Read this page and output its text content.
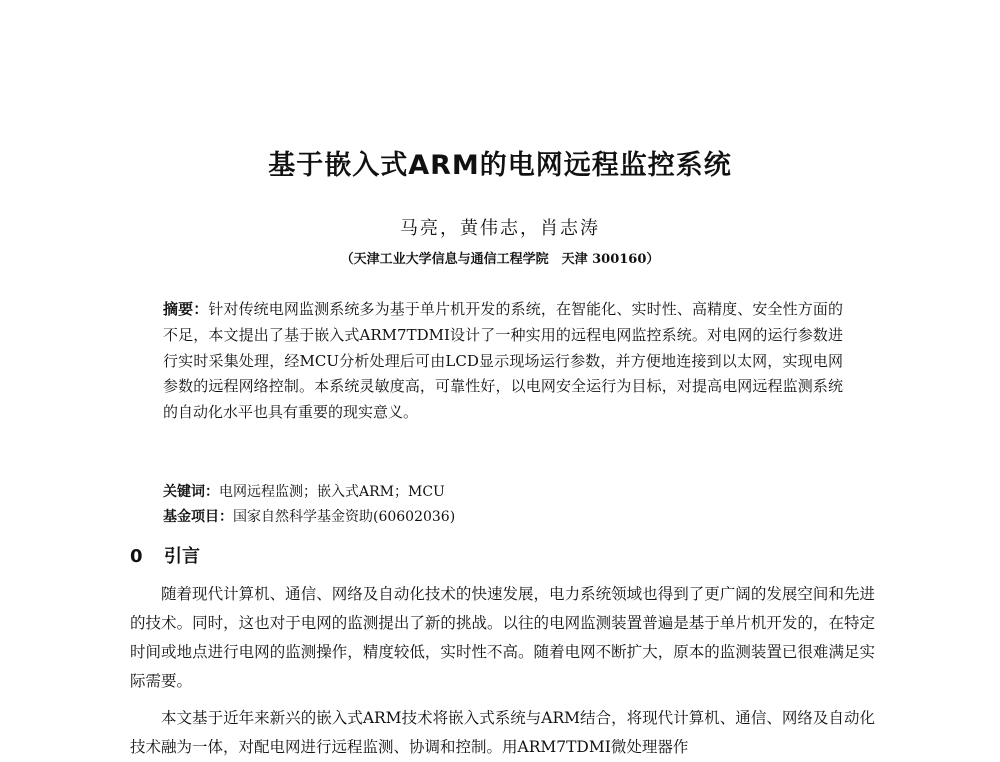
基于嵌入式ARM的电网远程监控系统
马亮，黄伟志，肖志涛
（天津工业大学信息与通信工程学院　天津 300160）
摘要：针对传统电网监测系统多为基于单片机开发的系统，在智能化、实时性、高精度、安全性方面的不足，本文提出了基于嵌入式ARM7TDMI设计了一种实用的远程电网监控系统。对电网的运行参数进行实时采集处理，经MCU分析处理后可由LCD显示现场运行参数，并方便地连接到以太网，实现电网参数的远程网络控制。本系统灵敏度高，可靠性好，以电网安全运行为目标，对提高电网远程监测系统的自动化水平也具有重要的现实意义。
关键词：电网远程监测；嵌入式ARM；MCU
基金项目：国家自然科学基金资助(60602036)
0 引言

随着现代计算机、通信、网络及自动化技术的快速发展，电力系统领域也得到了更广阔的发展空间和先进的技术。同时，这也对于电网的监测提出了新的挑战。以往的电网监测装置普遍是基于单片机开发的，在特定时间或地点进行电网的监测操作，精度较低，实时性不高。随着电网不断扩大，原本的监测装置已很难满足实际需要。

本文基于近年来新兴的嵌入式ARM技术将嵌入式系统与ARM结合，将现代计算机、通信、网络及自动化技术融为一体，对配电网进行远程监测、协调和控制。用ARM7TDMI微处理器作
